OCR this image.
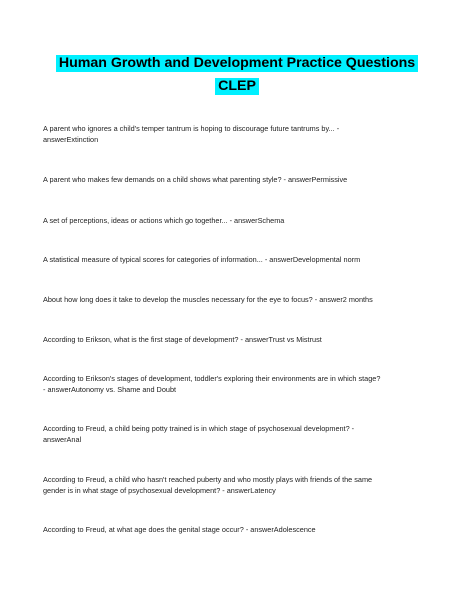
Human Growth and Development Practice Questions
CLEP
A parent who ignores a child's temper tantrum is hoping to discourage future tantrums by... -
answerExtinction
A parent who makes few demands on a child shows what parenting style? - answerPermissive
A set of perceptions, ideas or actions which go together... - answerSchema
A statistical measure of typical scores for categories of information... - answerDevelopmental norm
About how long does it take to develop the muscles necessary for the eye to focus? - answer2 months
According to Erikson, what is the first stage of development? - answerTrust vs Mistrust
According to Erikson's stages of development, toddler's exploring their environments are in which stage?
- answerAutonomy vs. Shame and Doubt
According to Freud, a child being potty trained is in which stage of psychosexual development? -
answerAnal
According to Freud, a child who hasn't reached puberty and who mostly plays with friends of the same
gender is in what stage of psychosexual development? - answerLatency
According to Freud, at what age does the genital stage occur? - answerAdolescence
